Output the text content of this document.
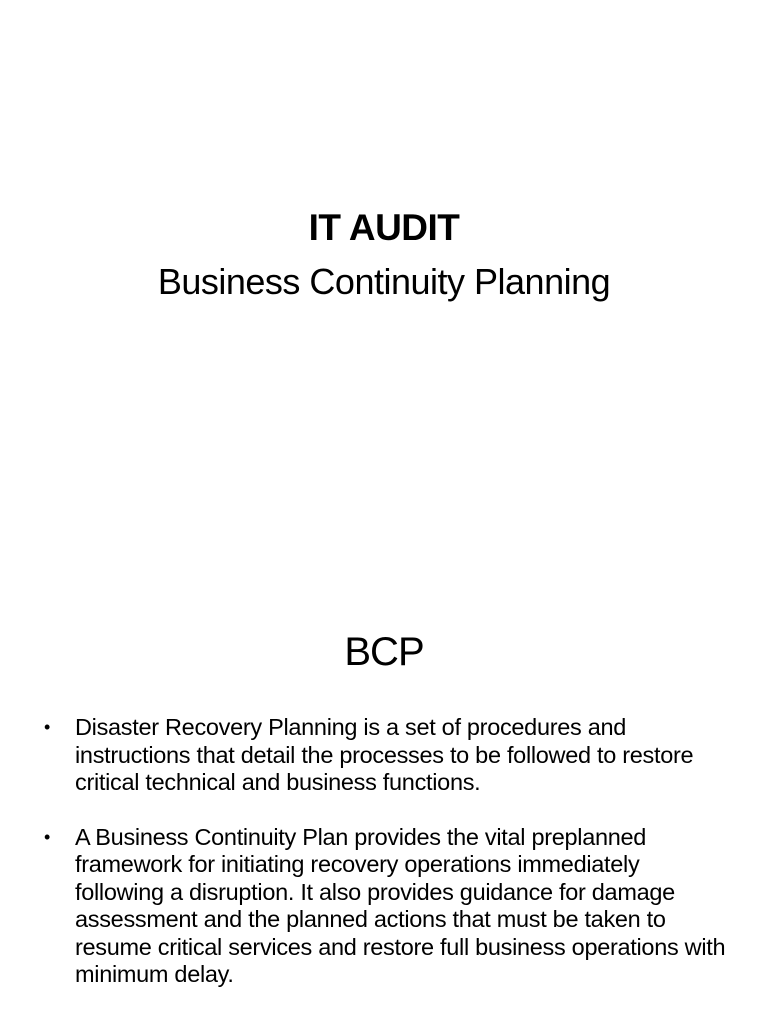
IT AUDIT
Business Continuity Planning
BCP
• Disaster Recovery Planning is a set of procedures and instructions that detail the processes to be followed to restore critical technical and business functions.
• A Business Continuity Plan provides the vital preplanned framework for initiating recovery operations immediately following a disruption. It also provides guidance for damage assessment and the planned actions that must be taken to resume critical services and restore full business operations with minimum delay.
